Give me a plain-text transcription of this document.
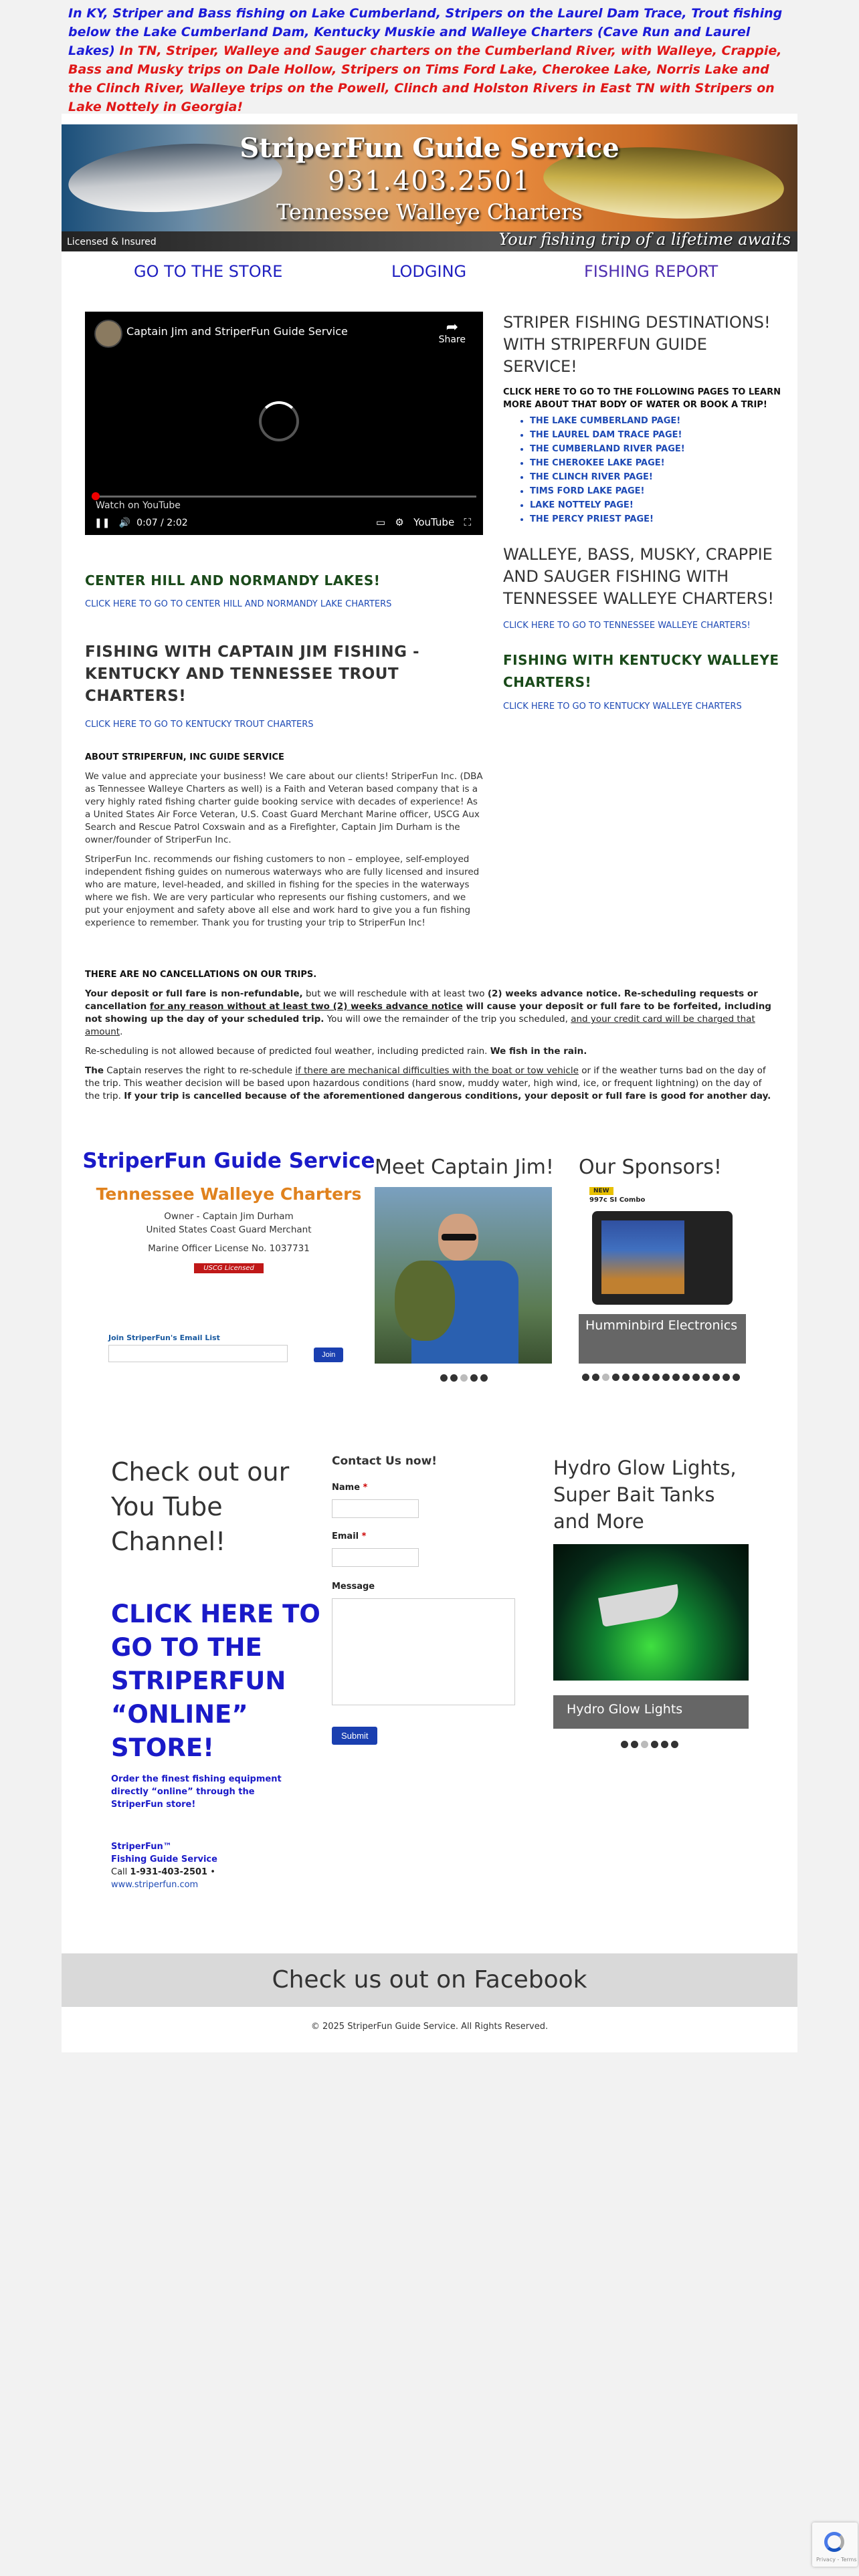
In KY, Striper and Bass fishing on Lake Cumberland, Stripers on the Laurel Dam Trace, Trout fishing below the Lake Cumberland Dam, Kentucky Muskie and Walleye Charters (Cave Run and Laurel Lakes) In TN, Striper, Walleye and Sauger charters on the Cumberland River, with Walleye, Crappie, Bass and Musky trips on Dale Hollow, Stripers on Tims Ford Lake, Cherokee Lake, Norris Lake and the Clinch River, Walleye trips on the Powell, Clinch and Holston Rivers in East TN with Stripers on Lake Nottely in Georgia!

StriperFun Guide Service
931.403.2501
Tennessee Walleye Charters
Licensed & Insured	Your fishing trip of a lifetime awaits
GO TO THE STORE	LODGING	FISHING REPORT
Captain Jim and StriperFun Guide Service	➦
Share
Watch on YouTube
❚❚ 🔊 0:07 / 2:02	▭ ⚙ YouTube ⛶
CENTER HILL AND NORMANDY LAKES!
CLICK HERE TO GO TO CENTER HILL AND NORMANDY LAKE CHARTERS
FISHING WITH CAPTAIN JIM FISHING - KENTUCKY AND TENNESSEE TROUT CHARTERS!
CLICK HERE TO GO TO KENTUCKY TROUT CHARTERS
ABOUT STRIPERFUN, INC GUIDE SERVICE

We value and appreciate your business! We care about our clients! StriperFun Inc. (DBA as Tennessee Walleye Charters as well) is a Faith and Veteran based company that is a very highly rated fishing charter guide booking service with decades of experience! As a United States Air Force Veteran, U.S. Coast Guard Merchant Marine officer, USCG Aux Search and Rescue Patrol Coxswain and as a Firefighter, Captain Jim Durham is the owner/founder of StriperFun Inc.

StriperFun Inc. recommends our fishing customers to non – employee, self-employed independent fishing guides on numerous waterways who are fully licensed and insured who are mature, level-headed, and skilled in fishing for the species in the waterways where we fish. We are very particular who represents our fishing customers, and we put your enjoyment and safety above all else and work hard to give you a fun fishing experience to remember. Thank you for trusting your trip to StriperFun Inc!

STRIPER FISHING DESTINATIONS! WITH STRIPERFUN GUIDE SERVICE!
CLICK HERE TO GO TO THE FOLLOWING PAGES TO LEARN MORE ABOUT THAT BODY OF WATER OR BOOK A TRIP!
• THE LAKE CUMBERLAND PAGE!
• THE LAUREL DAM TRACE PAGE!
• THE CUMBERLAND RIVER PAGE!
• THE CHEROKEE LAKE PAGE!
• THE CLINCH RIVER PAGE!
• TIMS FORD LAKE PAGE!
• LAKE NOTTELY PAGE!
• THE PERCY PRIEST PAGE!
WALLEYE, BASS, MUSKY, CRAPPIE AND SAUGER FISHING WITH TENNESSEE WALLEYE CHARTERS!
CLICK HERE TO GO TO TENNESSEE WALLEYE CHARTERS!
FISHING WITH KENTUCKY WALLEYE CHARTERS!
CLICK HERE TO GO TO KENTUCKY WALLEYE CHARTERS
THERE ARE NO CANCELLATIONS ON OUR TRIPS.

Your deposit or full fare is non-refundable, but we will reschedule with at least two (2) weeks advance notice. Re-scheduling requests or cancellation for any reason without at least two (2) weeks advance notice will cause your deposit or full fare to be forfeited, including not showing up the day of your scheduled trip. You will owe the remainder of the trip you scheduled, and your credit card will be charged that amount.

Re-scheduling is not allowed because of predicted foul weather, including predicted rain. We fish in the rain.

The Captain reserves the right to re-schedule if there are mechanical difficulties with the boat or tow vehicle or if the weather turns bad on the day of the trip. This weather decision will be based upon hazardous conditions (hard snow, muddy water, high wind, ice, or frequent lightning) on the day of the trip. If your trip is cancelled because of the aforementioned dangerous conditions, your deposit or full fare is good for another day.

StriperFun Guide Service
Tennessee Walleye Charters
Owner - Captain Jim Durham
United States Coast Guard Merchant
Marine Officer License No. 1037731
USCG Licensed
Join StriperFun's Email List
Join
Meet Captain Jim! Our Sponsors!
NEW
997c SI Combo
Humminbird Electronics
Check out our You Tube Channel!
CLICK HERE TO GO TO THE STRIPERFUN “ONLINE” STORE!
Order the finest fishing equipment directly “online” through the StriperFun store!
StriperFun™
Fishing Guide Service
Call 1-931-403-2501 •
www.striperfun.com
Contact Us now!
Name *
Email *
Message
Submit
Hydro Glow Lights, Super Bait Tanks and More
Hydro Glow Lights
Check us out on Facebook
© 2025 StriperFun Guide Service. All Rights Reserved.
Privacy - Terms
